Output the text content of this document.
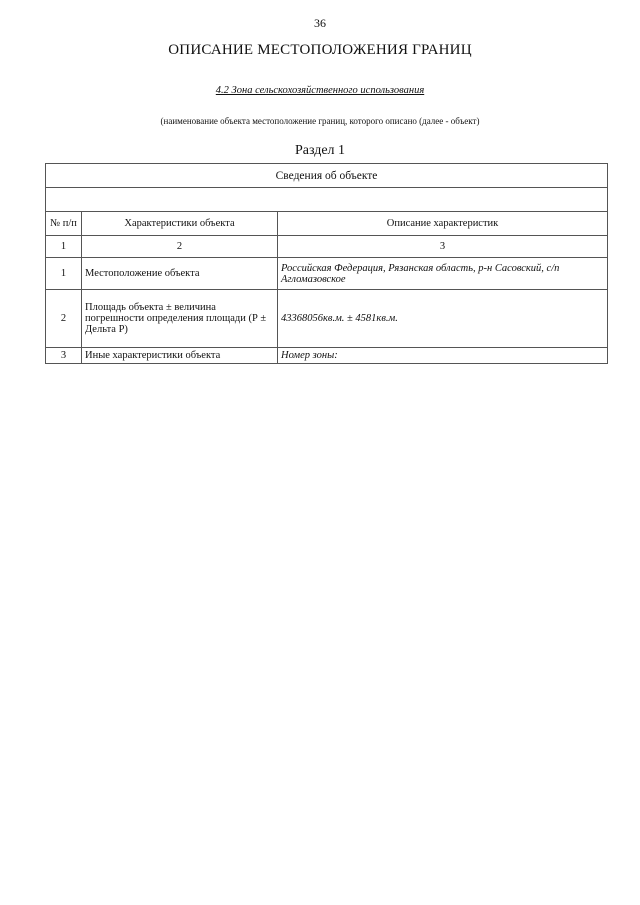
36
ОПИСАНИЕ МЕСТОПОЛОЖЕНИЯ ГРАНИЦ
4.2 Зона сельскохозяйственного использования
(наименование объекта местоположение границ, которого описано (далее - объект)
Раздел 1
Сведения об объекте		

№ п/п	Характеристики объекта	Описание характеристик
1	2	3
1	Местоположение объекта	Российская Федерация, Рязанская область, р-н Сасовский, с/п Агломазовское
2	Площадь объекта ± величина погрешности определения площади (Р ± Дельта Р)	43368056кв.м. ± 4581кв.м.
3	Иные характеристики объекта	Номер зоны:
